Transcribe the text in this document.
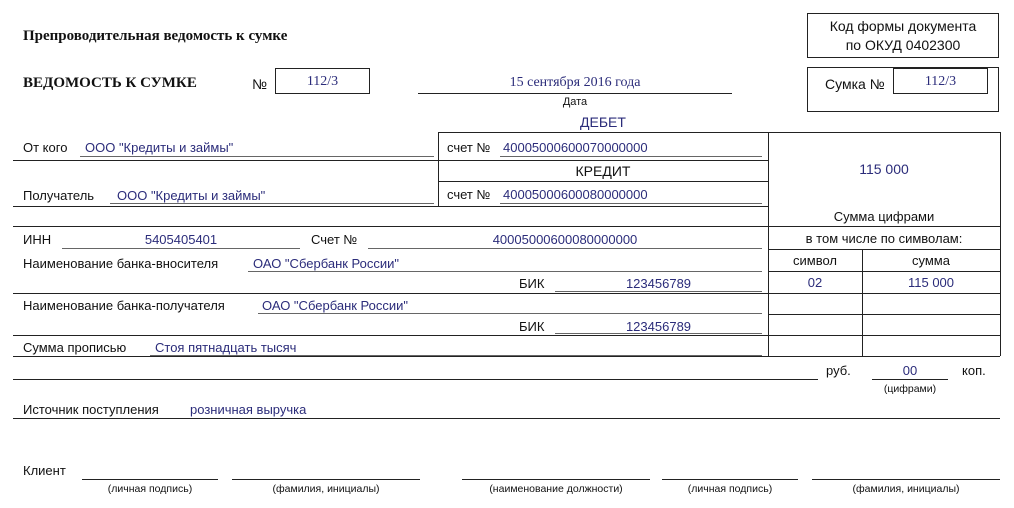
Препроводительная ведомость к сумке
Код формы документа
по ОКУД 0402300
ВЕДОМОСТЬ К СУМКЕ	№	112/3	15 сентября 2016 года
Дата
Сумка №	112/3
ДЕБЕТ
От кого ООО "Кредиты и займы"	счет № 40005000600070000000
КРЕДИТ	115 000
Сумма цифрами
в том числе по символам:
символ	сумма
02	115 000
Получатель ООО "Кредиты и займы"	счет № 40005000600080000000
ИНН	5405405401	Счет №	40005000600080000000
Наименование банка-вносителя	ОАО "Сбербанк России"
БИК	123456789
Наименование банка-получателя	ОАО "Сбербанк России"
БИК	123456789
Сумма прописью Стоя пятнадцать тысяч
руб.	00	коп.
(цифрами)
Источник поступления розничная выручка
Клиент
(личная подпись)	(фамилия, инициалы)	(наименование должности)	(личная подпись)	(фамилия, инициалы)
